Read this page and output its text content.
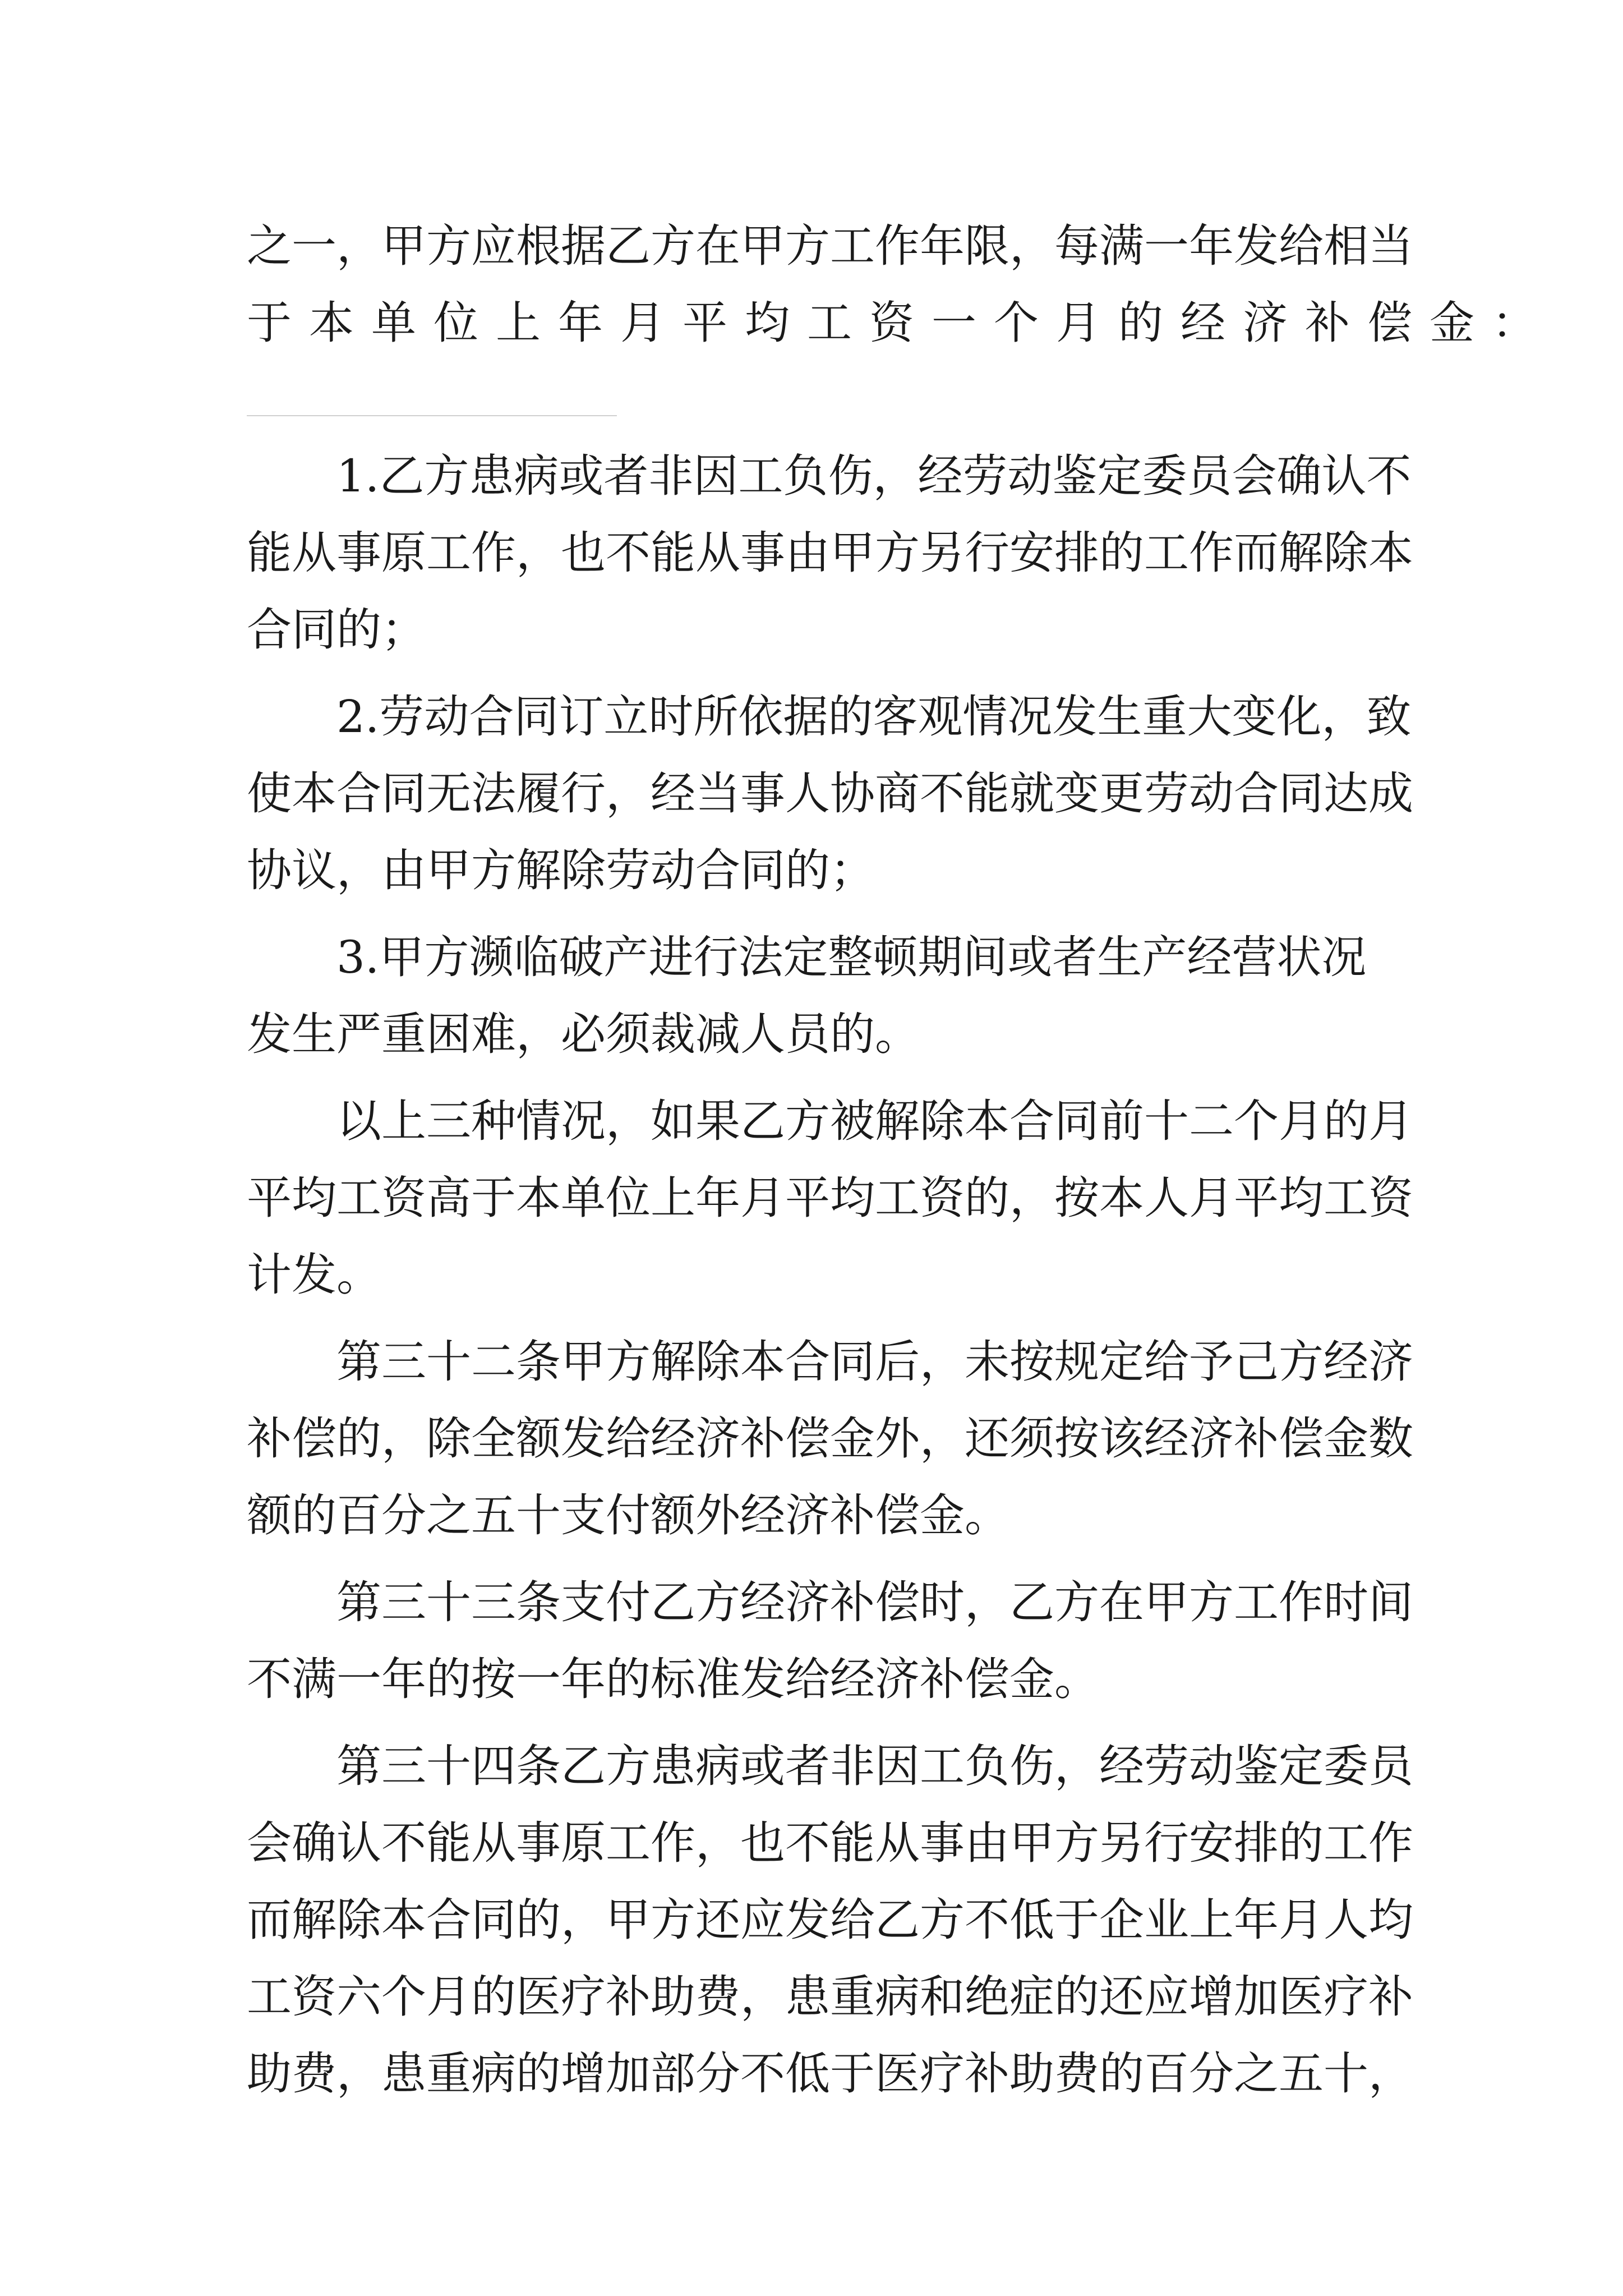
之一，甲方应根据乙方在甲方工作年限，每满一年发给相当
于本单位上年月平均工资一个月的经济补偿金：
1.乙方患病或者非因工负伤，经劳动鉴定委员会确认不
能从事原工作，也不能从事由甲方另行安排的工作而解除本
合同的；
2.劳动合同订立时所依据的客观情况发生重大变化，致
使本合同无法履行，经当事人协商不能就变更劳动合同达成
协议，由甲方解除劳动合同的；
3.甲方濒临破产进行法定整顿期间或者生产经营状况
发生严重困难，必须裁减人员的。
以上三种情况，如果乙方被解除本合同前十二个月的月
平均工资高于本单位上年月平均工资的，按本人月平均工资
计发。
第三十二条甲方解除本合同后，未按规定给予己方经济
补偿的，除全额发给经济补偿金外，还须按该经济补偿金数
额的百分之五十支付额外经济补偿金。
第三十三条支付乙方经济补偿时，乙方在甲方工作时间
不满一年的按一年的标准发给经济补偿金。
第三十四条乙方患病或者非因工负伤，经劳动鉴定委员
会确认不能从事原工作，也不能从事由甲方另行安排的工作
而解除本合同的，甲方还应发给乙方不低于企业上年月人均
工资六个月的医疗补助费，患重病和绝症的还应增加医疗补
助费，患重病的增加部分不低于医疗补助费的百分之五十，
